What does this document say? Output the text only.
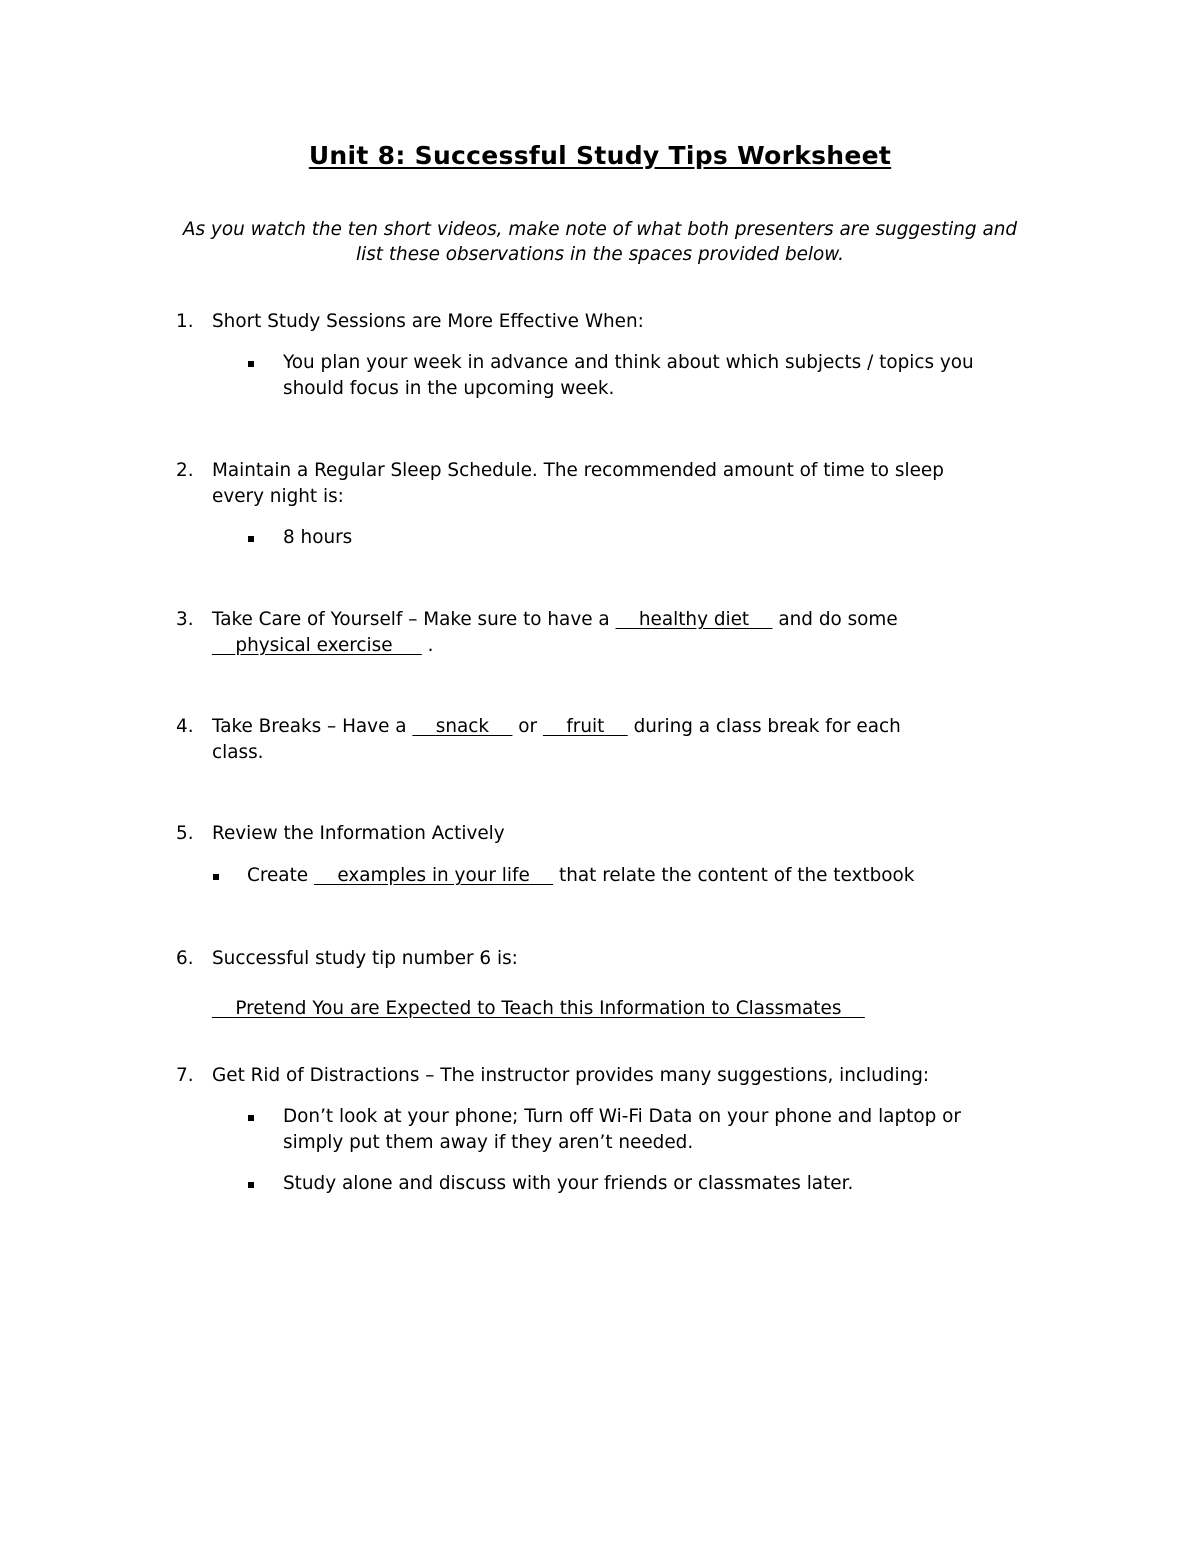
Unit 8: Successful Study Tips Worksheet
As you watch the ten short videos, make note of what both presenters are suggesting and
list these observations in the spaces provided below.
1. Short Study Sessions are More Effective When:
You plan your week in advance and think about which subjects / topics you
should focus in the upcoming week.
2. Maintain a Regular Sleep Schedule. The recommended amount of time to sleep
every night is:
8 hours
3. Take Care of Yourself – Make sure to have a     healthy diet     and do some
physical exercise      .
4. Take Breaks – Have a     snack     or     fruit     during a class break for each
class.
5. Review the Information Actively
Create     examples in your life     that relate the content of the textbook
6. Successful study tip number 6 is:
Pretend You are Expected to Teach this Information to Classmates
7. Get Rid of Distractions – The instructor provides many suggestions, including:
Don’t look at your phone; Turn off Wi-Fi Data on your phone and laptop or
simply put them away if they aren’t needed.
Study alone and discuss with your friends or classmates later.
